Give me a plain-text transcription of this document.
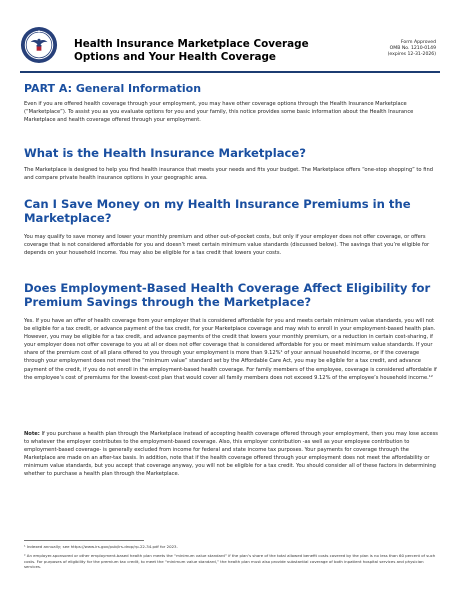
Health Insurance Marketplace Coverage
Options and Your Health Coverage
Form Approved
OMB No. 1210-0149
(expires 12-31-2026)
PART A: General Information

Even if you are offered health coverage through your employment, you may have other coverage options through the Health Insurance Marketplace (“Marketplace”). To assist you as you evaluate options for you and your family, this notice provides some basic information about the Health Insurance Marketplace and health coverage offered through your employment.

What is the Health Insurance Marketplace?

The Marketplace is designed to help you find health insurance that meets your needs and fits your budget. The Marketplace offers “one-stop shopping” to find and compare private health insurance options in your geographic area.

Can I Save Money on my Health Insurance Premiums in the
Marketplace?

You may qualify to save money and lower your monthly premium and other out-of-pocket costs, but only if your employer does not offer coverage, or offers coverage that is not considered affordable for you and doesn’t meet certain minimum value standards (discussed below). The savings that you’re eligible for depends on your household income. You may also be eligible for a tax credit that lowers your costs.

Does Employment-Based Health Coverage Affect Eligibility for
Premium Savings through the Marketplace?

Yes. If you have an offer of health coverage from your employer that is considered affordable for you and meets certain minimum value standards, you will not be eligible for a tax credit, or advance payment of the tax credit, for your Marketplace coverage and may wish to enroll in your employment-based health plan. However, you may be eligible for a tax credit, and advance payments of the credit that lowers your monthly premium, or a reduction in certain cost-sharing, if your employer does not offer coverage to you at all or does not offer coverage that is considered affordable for you or meet minimum value standards. If your share of the premium cost of all plans offered to you through your employment is more than 9.12%¹ of your annual household income, or if the coverage through your employment does not meet the “minimum value” standard set by the Affordable Care Act, you may be eligible for a tax credit, and advance payment of the credit, if you do not enroll in the employment-based health coverage. For family members of the employee, coverage is considered affordable if the employee’s cost of premiums for the lowest-cost plan that would cover all family members does not exceed 9.12% of the employee’s household income.¹²

Note: If you purchase a health plan through the Marketplace instead of accepting health coverage offered through your employment, then you may lose access to whatever the employer contributes to the employment-based coverage. Also, this employer contribution -as well as your employee contribution to employment-based coverage- is generally excluded from income for federal and state income tax purposes. Your payments for coverage through the Marketplace are made on an after-tax basis. In addition, note that if the health coverage offered through your employment does not meet the affordability or minimum value standards, but you accept that coverage anyway, you will not be eligible for a tax credit. You should consider all of these factors in determining whether to purchase a health plan through the Marketplace.

¹ Indexed annually; see https://www.irs.gov/pub/irs-drop/rp-22-34.pdf for 2023.
² An employer-sponsored or other employment-based health plan meets the “minimum value standard” if the plan’s share of the total allowed benefit costs covered by the plan is no less than 60 percent of such costs. For purposes of eligibility for the premium tax credit, to meet the “minimum value standard,” the health plan must also provide substantial coverage of both inpatient hospital services and physician services.
